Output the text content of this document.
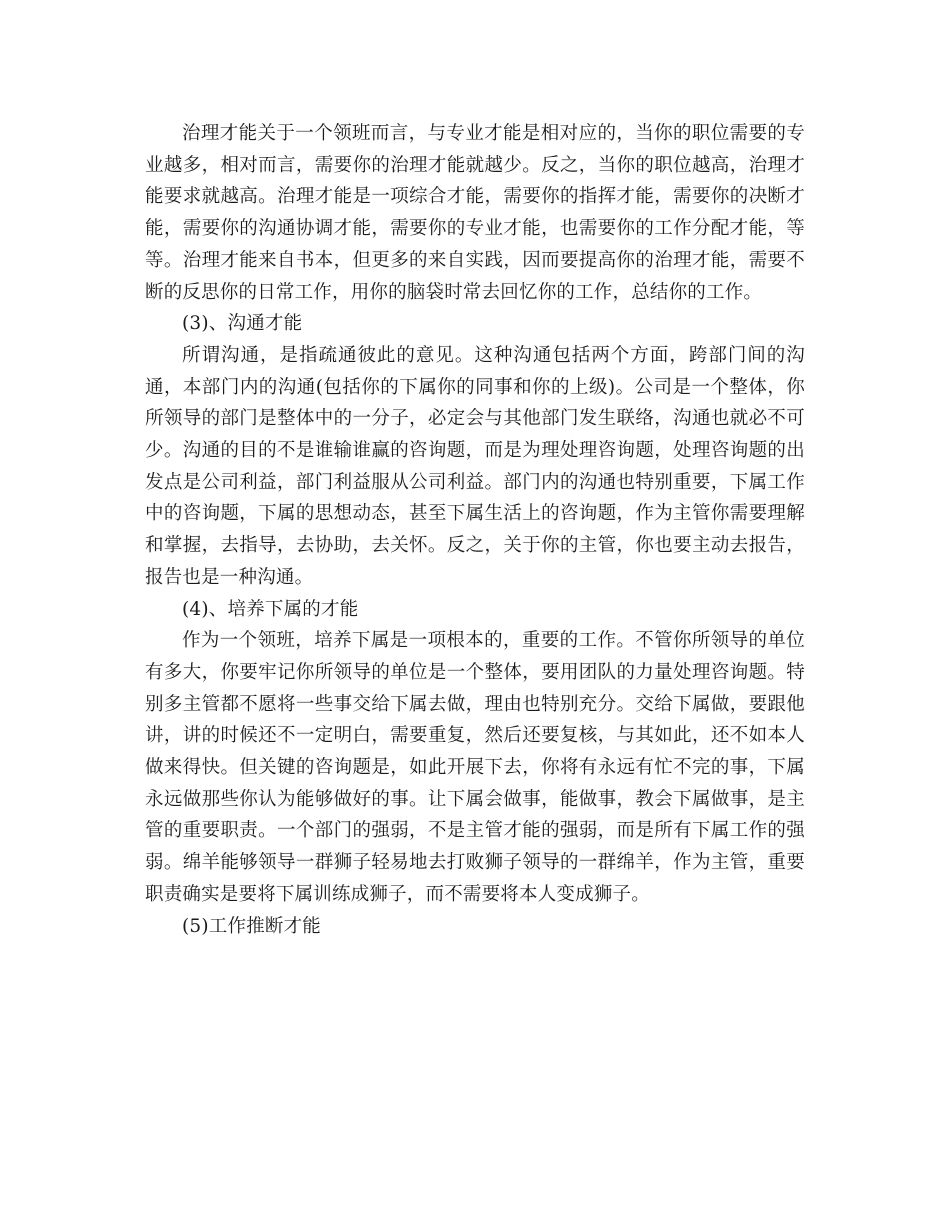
治理才能关于一个领班而言，与专业才能是相对应的，当你的职位需要的专业越多，相对而言，需要你的治理才能就越少。反之，当你的职位越高，治理才能要求就越高。治理才能是一项综合才能，需要你的指挥才能，需要你的决断才能，需要你的沟通协调才能，需要你的专业才能，也需要你的工作分配才能，等等。治理才能来自书本，但更多的来自实践，因而要提高你的治理才能，需要不断的反思你的日常工作，用你的脑袋时常去回忆你的工作，总结你的工作。

(3)、沟通才能

所谓沟通，是指疏通彼此的意见。这种沟通包括两个方面，跨部门间的沟通，本部门内的沟通(包括你的下属你的同事和你的上级)。公司是一个整体，你所领导的部门是整体中的一分子，必定会与其他部门发生联络，沟通也就必不可少。沟通的目的不是谁输谁赢的咨询题，而是为理处理咨询题，处理咨询题的出发点是公司利益，部门利益服从公司利益。部门内的沟通也特别重要，下属工作中的咨询题，下属的思想动态，甚至下属生活上的咨询题，作为主管你需要理解和掌握，去指导，去协助，去关怀。反之，关于你的主管，你也要主动去报告，报告也是一种沟通。

(4)、培养下属的才能

作为一个领班，培养下属是一项根本的，重要的工作。不管你所领导的单位有多大，你要牢记你所领导的单位是一个整体，要用团队的力量处理咨询题。特别多主管都不愿将一些事交给下属去做，理由也特别充分。交给下属做，要跟他讲，讲的时候还不一定明白，需要重复，然后还要复核，与其如此，还不如本人做来得快。但关键的咨询题是，如此开展下去，你将有永远有忙不完的事，下属永远做那些你认为能够做好的事。让下属会做事，能做事，教会下属做事，是主管的重要职责。一个部门的强弱，不是主管才能的强弱，而是所有下属工作的强弱。绵羊能够领导一群狮子轻易地去打败狮子领导的一群绵羊，作为主管，重要职责确实是要将下属训练成狮子，而不需要将本人变成狮子。

(5)工作推断才能
